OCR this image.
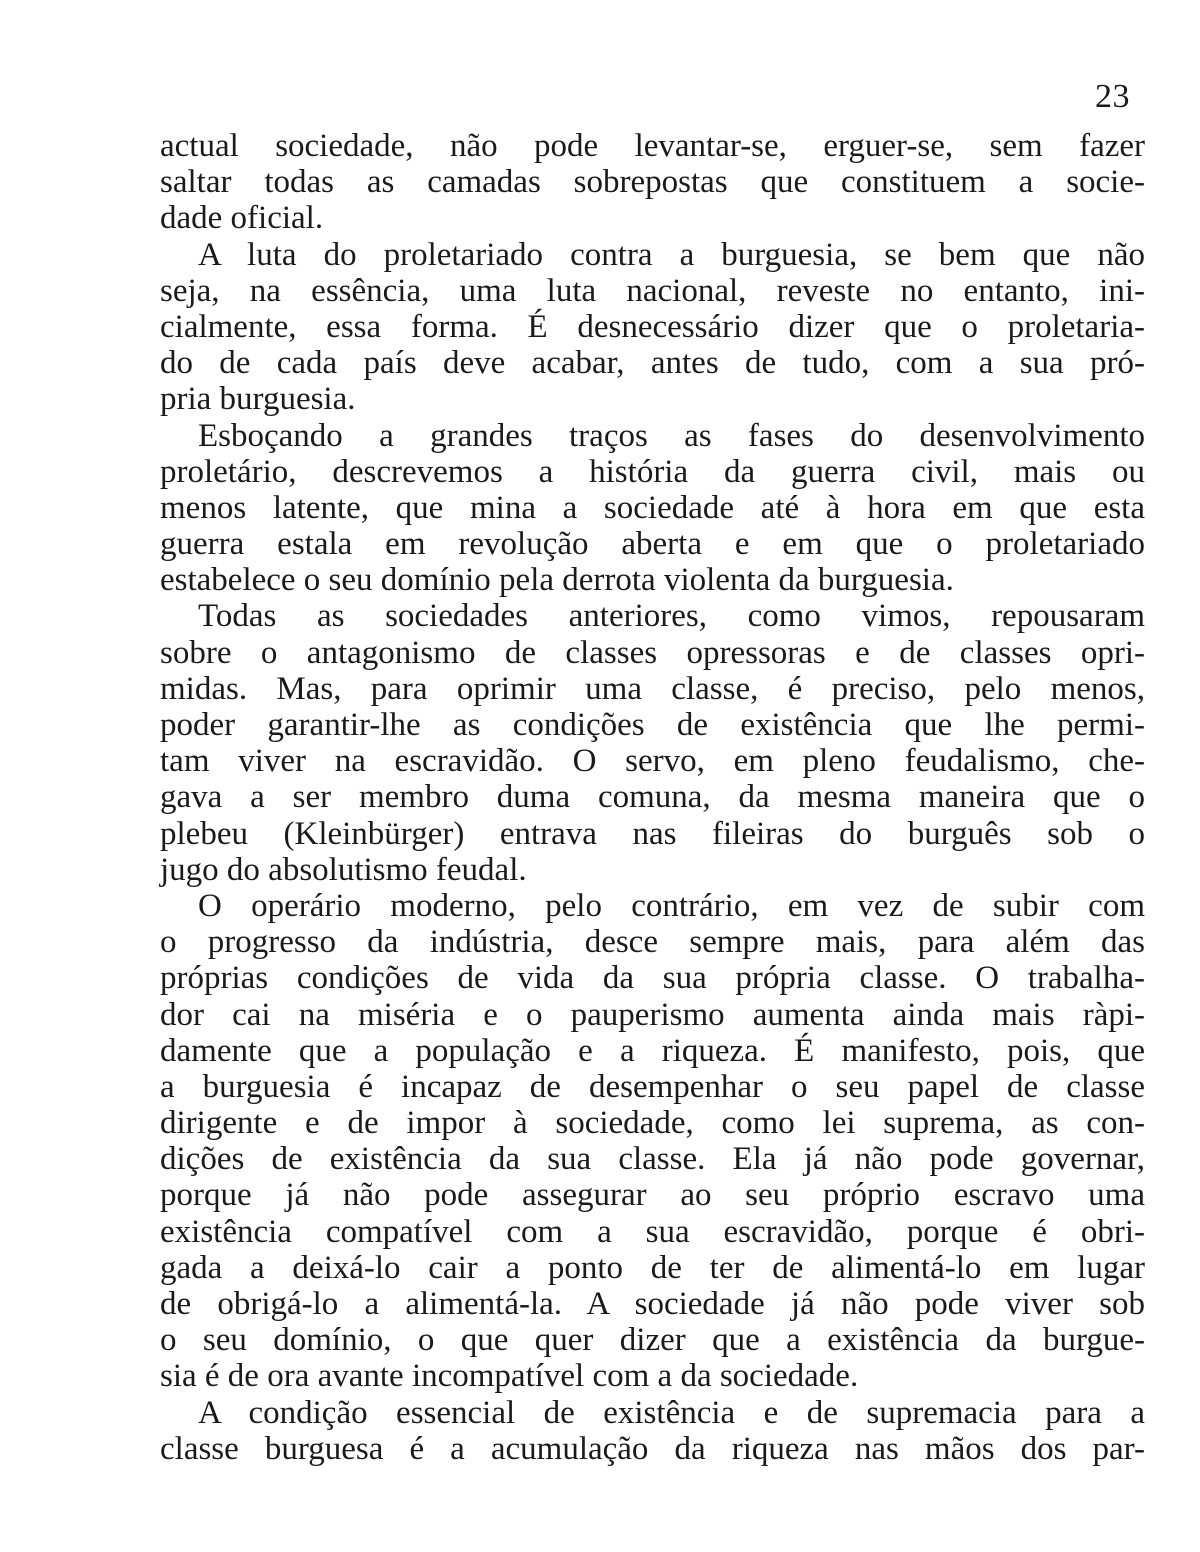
23
actual sociedade, não pode levantar-se, erguer-se, sem fazer
saltar todas as camadas sobrepostas que constituem a socie-
dade oficial.
A luta do proletariado contra a burguesia, se bem que não
seja, na essência, uma luta nacional, reveste no entanto, ini-
cialmente, essa forma. É desnecessário dizer que o proletaria-
do de cada país deve acabar, antes de tudo, com a sua pró-
pria burguesia.
Esboçando a grandes traços as fases do desenvolvimento
proletário, descrevemos a história da guerra civil, mais ou
menos latente, que mina a sociedade até à hora em que esta
guerra estala em revolução aberta e em que o proletariado
estabelece o seu domínio pela derrota violenta da burguesia.
Todas as sociedades anteriores, como vimos, repousaram
sobre o antagonismo de classes opressoras e de classes opri-
midas. Mas, para oprimir uma classe, é preciso, pelo menos,
poder garantir-lhe as condições de existência que lhe permi-
tam viver na escravidão. O servo, em pleno feudalismo, che-
gava a ser membro duma comuna, da mesma maneira que o
plebeu (Kleinbürger) entrava nas fileiras do burguês sob o
jugo do absolutismo feudal.
O operário moderno, pelo contrário, em vez de subir com
o progresso da indústria, desce sempre mais, para além das
próprias condições de vida da sua própria classe. O trabalha-
dor cai na miséria e o pauperismo aumenta ainda mais ràpi-
damente que a população e a riqueza. É manifesto, pois, que
a burguesia é incapaz de desempenhar o seu papel de classe
dirigente e de impor à sociedade, como lei suprema, as con-
dições de existência da sua classe. Ela já não pode governar,
porque já não pode assegurar ao seu próprio escravo uma
existência compatível com a sua escravidão, porque é obri-
gada a deixá-lo cair a ponto de ter de alimentá-lo em lugar
de obrigá-lo a alimentá-la. A sociedade já não pode viver sob
o seu domínio, o que quer dizer que a existência da burgue-
sia é de ora avante incompatível com a da sociedade.
A condição essencial de existência e de supremacia para a
classe burguesa é a acumulação da riqueza nas mãos dos par-
